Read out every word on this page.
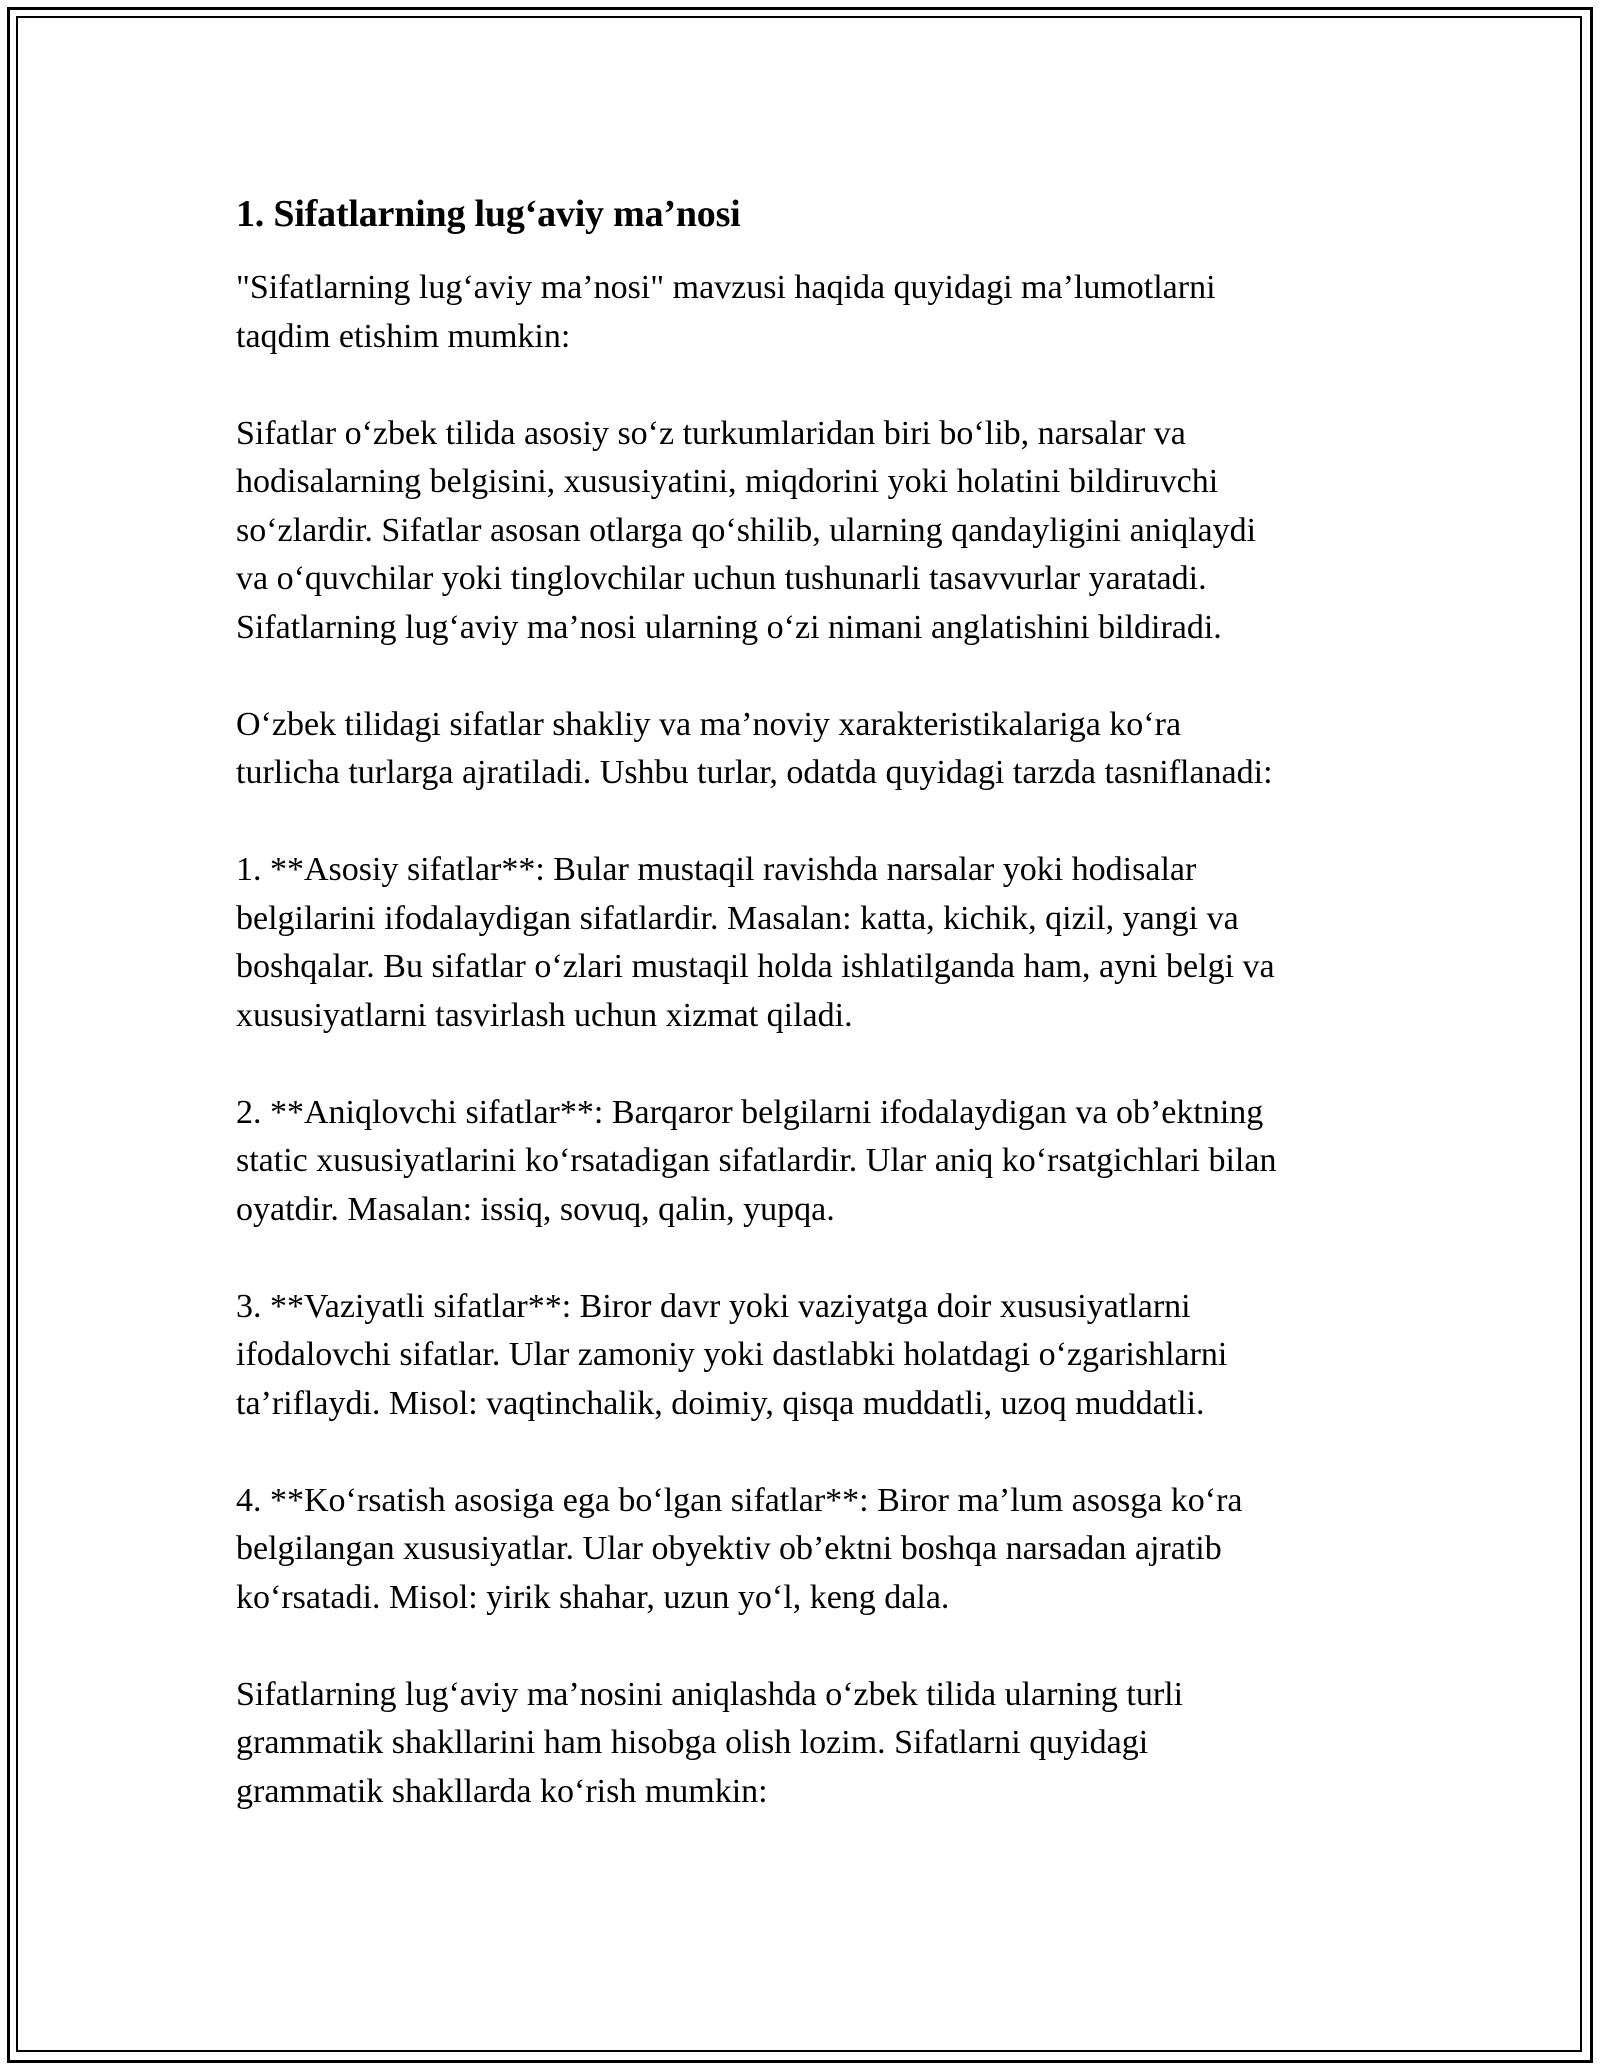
1. Sifatlarning lug‘aviy ma’nosi

"Sifatlarning lug‘aviy ma’nosi" mavzusi haqida quyidagi ma’lumotlarni
taqdim etishim mumkin:

Sifatlar o‘zbek tilida asosiy so‘z turkumlaridan biri bo‘lib, narsalar va
hodisalarning belgisini, xususiyatini, miqdorini yoki holatini bildiruvchi
so‘zlardir. Sifatlar asosan otlarga qo‘shilib, ularning qandayligini aniqlaydi
va o‘quvchilar yoki tinglovchilar uchun tushunarli tasavvurlar yaratadi.
Sifatlarning lug‘aviy ma’nosi ularning o‘zi nimani anglatishini bildiradi.

O‘zbek tilidagi sifatlar shakliy va ma’noviy xarakteristikalariga ko‘ra
turlicha turlarga ajratiladi. Ushbu turlar, odatda quyidagi tarzda tasniflanadi:

1. **Asosiy sifatlar**: Bular mustaqil ravishda narsalar yoki hodisalar
belgilarini ifodalaydigan sifatlardir. Masalan: katta, kichik, qizil, yangi va
boshqalar. Bu sifatlar o‘zlari mustaqil holda ishlatilganda ham, ayni belgi va
xususiyatlarni tasvirlash uchun xizmat qiladi.

2. **Aniqlovchi sifatlar**: Barqaror belgilarni ifodalaydigan va ob’ektning
static xususiyatlarini ko‘rsatadigan sifatlardir. Ular aniq ko‘rsatgichlari bilan
oyatdir. Masalan: issiq, sovuq, qalin, yupqa.

3. **Vaziyatli sifatlar**: Biror davr yoki vaziyatga doir xususiyatlarni
ifodalovchi sifatlar. Ular zamoniy yoki dastlabki holatdagi o‘zgarishlarni
ta’riflaydi. Misol: vaqtinchalik, doimiy, qisqa muddatli, uzoq muddatli.

4. **Ko‘rsatish asosiga ega bo‘lgan sifatlar**: Biror ma’lum asosga ko‘ra
belgilangan xususiyatlar. Ular obyektiv ob’ektni boshqa narsadan ajratib
ko‘rsatadi. Misol: yirik shahar, uzun yo‘l, keng dala.

Sifatlarning lug‘aviy ma’nosini aniqlashda o‘zbek tilida ularning turli
grammatik shakllarini ham hisobga olish lozim. Sifatlarni quyidagi
grammatik shakllarda ko‘rish mumkin:
